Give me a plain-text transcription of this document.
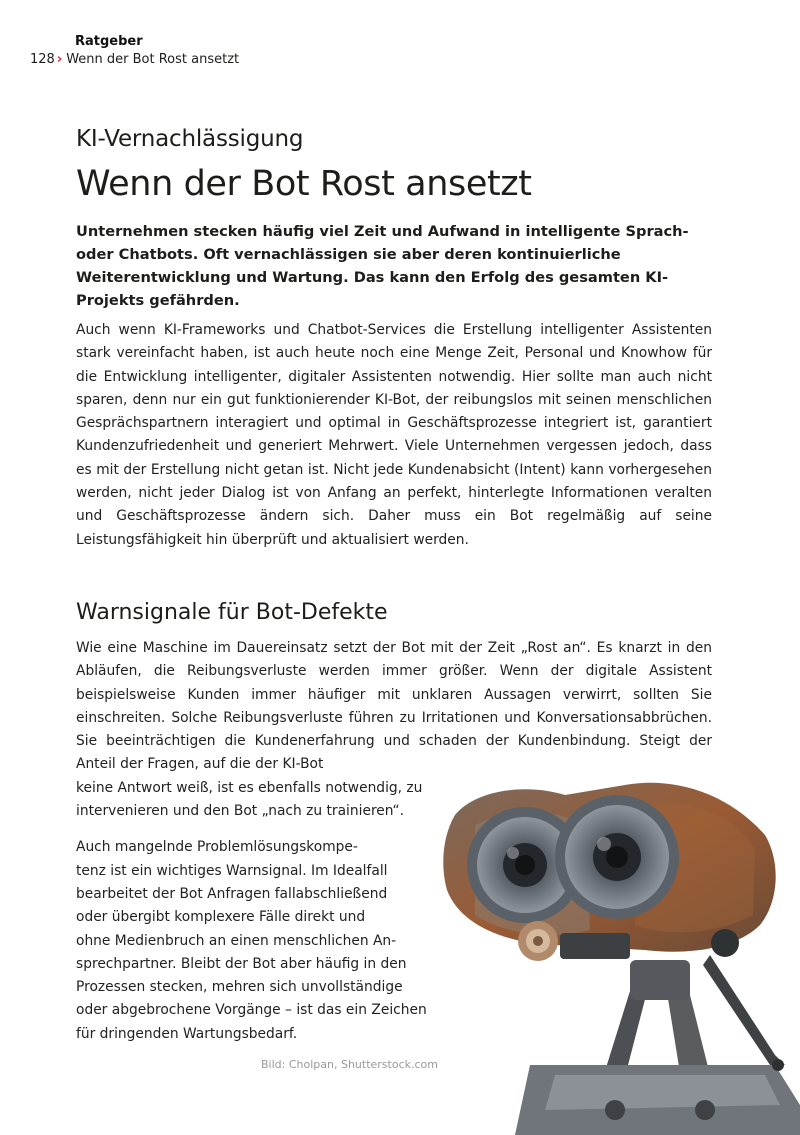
Ratgeber
128 › Wenn der Bot Rost ansetzt
KI-Vernachlässigung
Wenn der Bot Rost ansetzt

Unternehmen stecken häufig viel Zeit und Aufwand in intelligente Sprach- oder Chatbots. Oft vernachlässigen sie aber deren kontinuierliche Weiterentwicklung und Wartung. Das kann den Erfolg des gesamten KI-Projekts gefährden.

Auch wenn KI-Frameworks und Chatbot-Services die Erstellung intelligenter Assistenten stark vereinfacht haben, ist auch heute noch eine Menge Zeit, Personal und Knowhow für die Entwicklung intelligenter, digitaler Assistenten notwendig. Hier sollte man auch nicht sparen, denn nur ein gut funktionierender KI-Bot, der reibungslos mit seinen menschlichen Gesprächspartnern interagiert und optimal in Geschäftsprozesse integriert ist, garantiert Kundenzufriedenheit und generiert Mehrwert. Viele Unternehmen vergessen jedoch, dass es mit der Erstellung nicht getan ist. Nicht jede Kundenabsicht (Intent) kann vorhergesehen werden, nicht jeder Dialog ist von Anfang an perfekt, hinterlegte Informationen veralten und Geschäftsprozesse ändern sich. Daher muss ein Bot regelmäßig auf seine Leistungsfähigkeit hin überprüft und aktualisiert werden.

Warnsignale für Bot-Defekte
Wie eine Maschine im Dauereinsatz setzt der Bot mit der Zeit „Rost an“. Es knarzt in den Abläufen, die Reibungsverluste werden immer größer. Wenn der digitale Assistent beispielsweise Kunden immer häufiger mit unklaren Aussagen verwirrt, sollten Sie einschreiten. Solche Reibungsverluste führen zu Irritationen und Konversationsabbrüchen. Sie beeinträchtigen die Kundenerfahrung und schaden der Kundenbindung. Steigt der Anteil der Fragen, auf die der KI-Bot
keine Antwort weiß, ist es ebenfalls notwendig, zu
intervenieren und den Bot „nach zu trainieren“.
Auch mangelnde Problemlösungskompe-
tenz ist ein wichtiges Warnsignal. Im Idealfall
bearbeitet der Bot Anfragen fallabschließend
oder übergibt komplexere Fälle direkt und
ohne Medienbruch an einen menschlichen An-
sprechpartner. Bleibt der Bot aber häufig in den
Prozessen stecken, mehren sich unvollständige
oder abgebrochene Vorgänge – ist das ein Zeichen
für dringenden Wartungsbedarf.
Bild: Cholpan, Shutterstock.com
